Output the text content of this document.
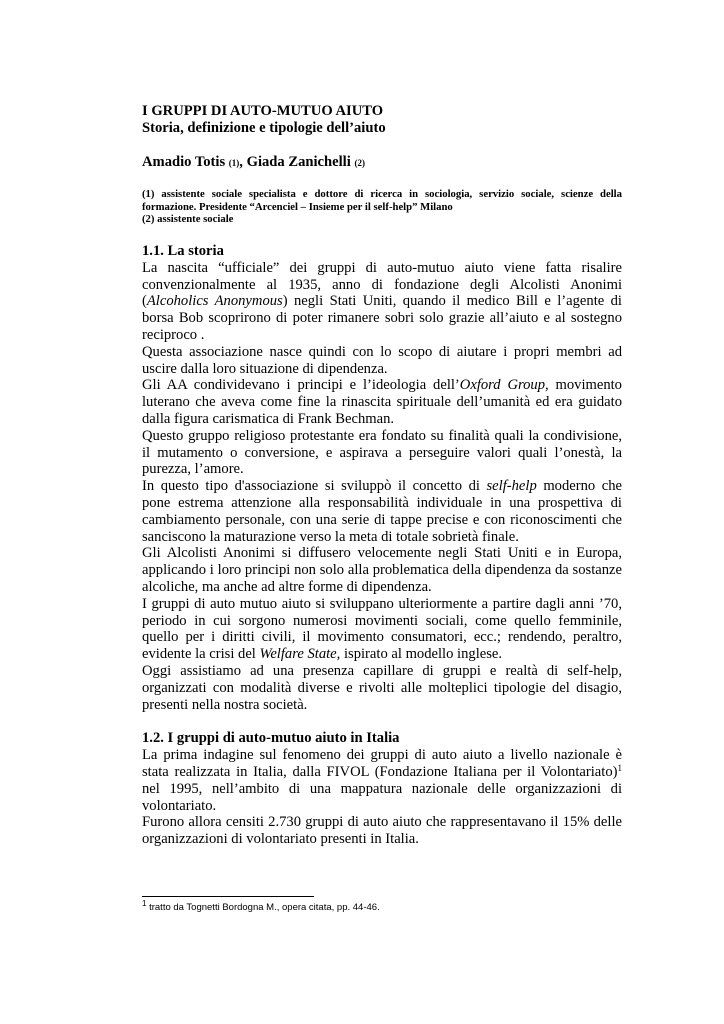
I GRUPPI DI AUTO-MUTUO AIUTO

Storia, definizione e tipologie dell’aiuto

Amadio Totis (1), Giada Zanichelli (2)

(1) assistente sociale specialista e dottore di ricerca in sociologia, servizio sociale, scienze della formazione. Presidente “Arcenciel – Insieme per il self-help” Milano

(2) assistente sociale

1.1. La storia

La nascita “ufficiale” dei gruppi di auto-mutuo aiuto viene fatta risalire convenzionalmente al 1935, anno di fondazione degli Alcolisti Anonimi (Alcoholics Anonymous) negli Stati Uniti, quando il medico Bill e l’agente di borsa Bob scoprirono di poter rimanere sobri solo grazie all’aiuto e al sostegno reciproco .

Questa associazione nasce quindi con lo scopo di aiutare i propri membri ad uscire dalla loro situazione di dipendenza.

Gli AA condividevano i principi e l’ideologia dell’Oxford Group, movimento luterano che aveva come fine la rinascita spirituale dell’umanità ed era guidato dalla figura carismatica di Frank Bechman.

Questo gruppo religioso protestante era fondato su finalità quali la condivisione, il mutamento o conversione, e aspirava a perseguire valori quali l’onestà, la purezza, l’amore.

In questo tipo d'associazione si sviluppò il concetto di self-help moderno che pone estrema attenzione alla responsabilità individuale in una prospettiva di cambiamento personale, con una serie di tappe precise e con riconoscimenti che sanciscono la maturazione verso la meta di totale sobrietà finale.

Gli Alcolisti Anonimi si diffusero velocemente negli Stati Uniti e in Europa, applicando i loro principi non solo alla problematica della dipendenza da sostanze alcoliche, ma anche ad altre forme di dipendenza.

I gruppi di auto mutuo aiuto si sviluppano ulteriormente a partire dagli anni ’70, periodo in cui sorgono numerosi movimenti sociali, come quello femminile, quello per i diritti civili, il movimento consumatori, ecc.; rendendo, peraltro, evidente la crisi del Welfare State, ispirato al modello inglese.

Oggi assistiamo ad una presenza capillare di gruppi e realtà di self-help, organizzati con modalità diverse e rivolti alle molteplici tipologie del disagio, presenti nella nostra società.

1.2. I gruppi di auto-mutuo aiuto in Italia

La prima indagine sul fenomeno dei gruppi di auto aiuto a livello nazionale è stata realizzata in Italia, dalla FIVOL (Fondazione Italiana per il Volontariato)$^1$ nel 1995, nell’ambito di una mappatura nazionale delle organizzazioni di volontariato.

Furono allora censiti 2.730 gruppi di auto aiuto che rappresentavano il 15% delle organizzazioni di volontariato presenti in Italia.

$^1$ tratto da Tognetti Bordogna M., opera citata, pp. 44-46.
